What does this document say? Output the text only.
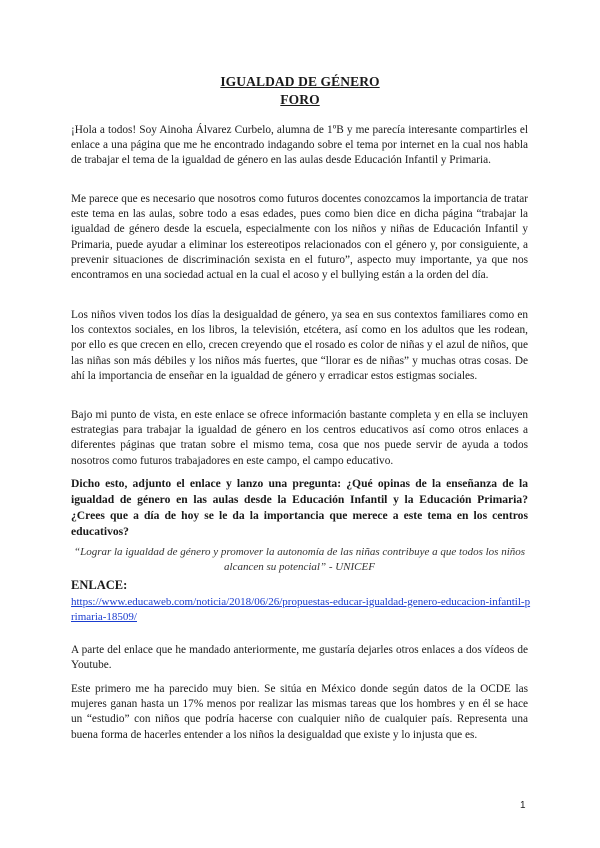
IGUALDAD DE GÉNERO
FORO

¡Hola a todos! Soy Ainoha Álvarez Curbelo, alumna de 1ºB y me parecía interesante compartirles el enlace a una página que me he encontrado indagando sobre el tema por internet en la cual nos habla de trabajar el tema de la igualdad de género en las aulas desde Educación Infantil y Primaria.

Me parece que es necesario que nosotros como futuros docentes conozcamos la importancia de tratar este tema en las aulas, sobre todo a esas edades, pues como bien dice en dicha página “trabajar la igualdad de género desde la escuela, especialmente con los niños y niñas de Educación Infantil y Primaria, puede ayudar a eliminar los estereotipos relacionados con el género y, por consiguiente, a prevenir situaciones de discriminación sexista en el futuro”, aspecto muy importante, ya que nos encontramos en una sociedad actual en la cual el acoso y el bullying están a la orden del día.

Los niños viven todos los días la desigualdad de género, ya sea en sus contextos familiares como en los contextos sociales, en los libros, la televisión, etcétera, así como en los adultos que les rodean, por ello es que crecen en ello, crecen creyendo que el rosado es color de niñas y el azul de niños, que las niñas son más débiles y los niños más fuertes, que “llorar es de niñas” y muchas otras cosas. De ahí la importancia de enseñar en la igualdad de género y erradicar estos estigmas sociales.

Bajo mi punto de vista, en este enlace se ofrece información bastante completa y en ella se incluyen estrategias para trabajar la igualdad de género en los centros educativos así como otros enlaces a diferentes páginas que tratan sobre el mismo tema, cosa que nos puede servir de ayuda a todos nosotros como futuros trabajadores en este campo, el campo educativo.

Dicho esto, adjunto el enlace y lanzo una pregunta: ¿Qué opinas de la enseñanza de la igualdad de género en las aulas desde la Educación Infantil y la Educación Primaria? ¿Crees que a día de hoy se le da la importancia que merece a este tema en los centros educativos?

“Lograr la igualdad de género y promover la autonomía de las niñas contribuye a que todos los niños alcancen su potencial” - UNICEF
ENLACE:
https://www.educaweb.com/noticia/2018/06/26/propuestas-educar-igualdad-genero-educacion-infantil-primaria-18509/

A parte del enlace que he mandado anteriormente, me gustaría dejarles otros enlaces a dos vídeos de Youtube.

Este primero me ha parecido muy bien. Se sitúa en México donde según datos de la OCDE las mujeres ganan hasta un 17% menos por realizar las mismas tareas que los hombres y en él se hace un “estudio” con niños que podría hacerse con cualquier niño de cualquier país. Representa una buena forma de hacerles entender a los niños la desigualdad que existe y lo injusta que es.

1
